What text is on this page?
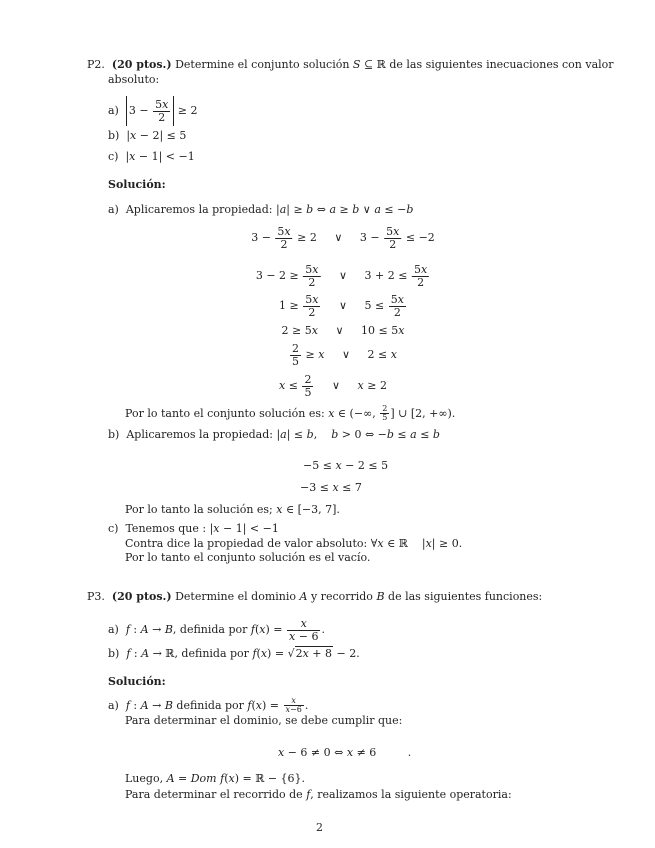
P2. (20 ptos.) Determine el conjunto solución S ⊆ ℝ de las siguientes inecuaciones con valor
absoluto:
a) $3 - \frac{5x}{2} \ge 2$
b)  |x − 2| ≤ 5
c)  |x − 1| < −1
Solución:
a) Aplicaremos la propiedad: |a| ≥ b ⇔ a ≥ b ∨ a ≤ −b
$3 - \frac{5x}{2} \ge 2$ ∨ $3 - \frac{5x}{2} \le -2$
$3 - 2 \ge \frac{5x}{2}$ ∨ $3 + 2 \le \frac{5x}{2}$
$1 \ge \frac{5x}{2}$ ∨ $5 \le \frac{5x}{2}$
2 ≥ 5x ∨ 10 ≤ 5x
$\frac{2}{5} \ge x$ ∨ 2 ≤ x
$x \le \frac{2}{5}$ ∨ x ≥ 2
Por lo tanto el conjunto solución es: x ∈ (−∞, $\frac{2}{5}$ ] ∪ [2, +∞).
b) Aplicaremos la propiedad: |a| ≤ b,    b > 0 ⇔ −b ≤ a ≤ b
−5 ≤ x − 2 ≤ 5
−3 ≤ x ≤ 7
Por lo tanto la solución es; x ∈ [−3, 7].
c) Tenemos que : |x − 1| < −1
Contra dice la propiedad de valor absoluto: ∀x ∈ ℝ    |x| ≥ 0.
Por lo tanto el conjunto solución es el vacío.
P3. (20 ptos.) Determine el dominio A y recorrido B de las siguientes funciones:
a) f : A → B, definida por $f(x) = \frac{x}{x - 6}$ .
b) f : A → ℝ, definida por f(x) = √2x + 8 − 2.
Solución:
a) f : A → B definida por $f(x) = \frac{x}{x-6}$ .
Para determinar el dominio, se debe cumplir que:
x − 6 ≠ 0 ⇔ x ≠ 6	.
Luego, A = Dom f(x) = ℝ − {6}.
Para determinar el recorrido de f, realizamos la siguiente operatoria:
2
